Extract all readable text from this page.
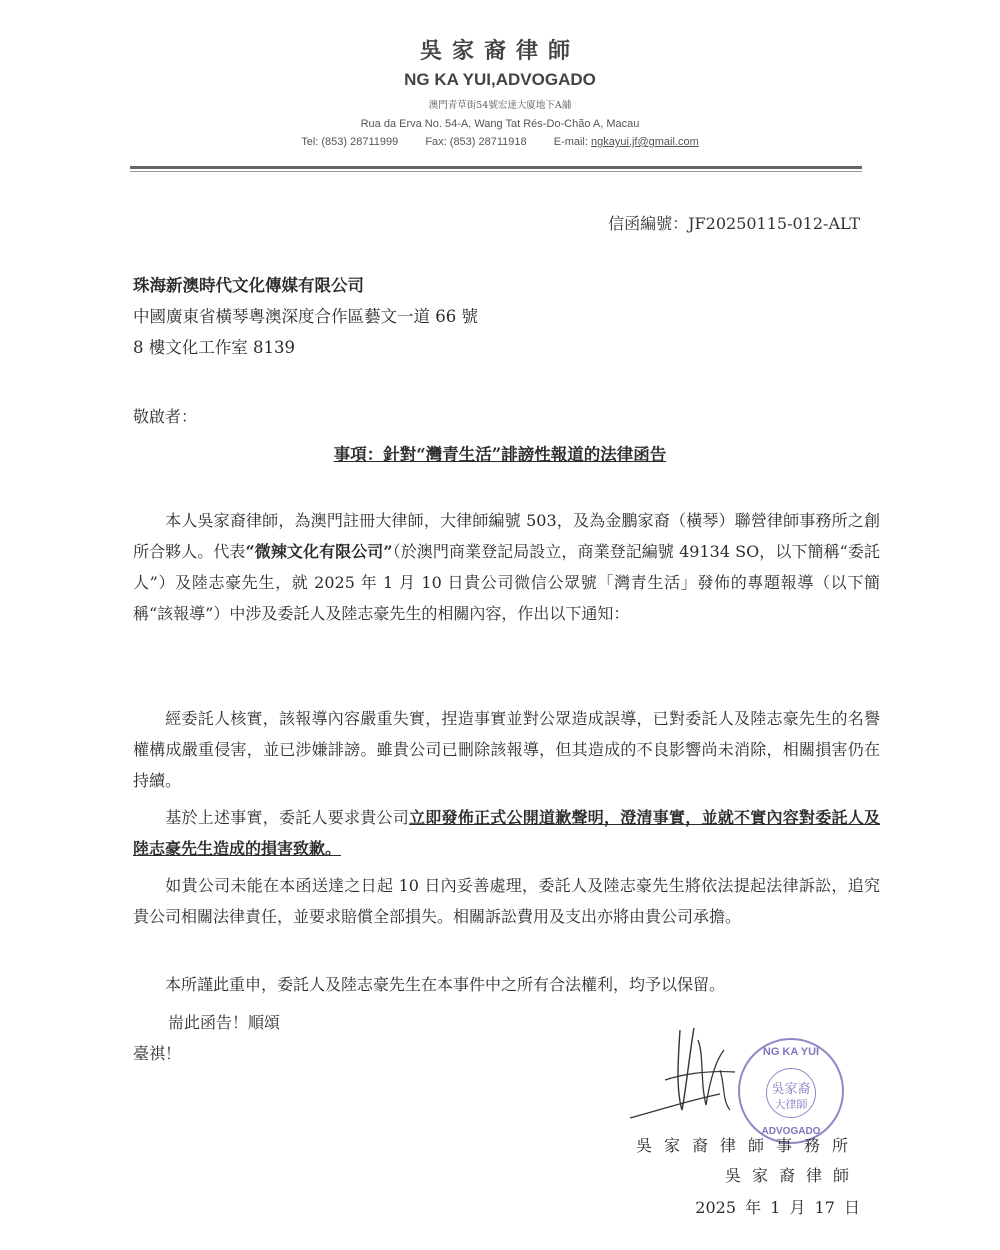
吳家裔律師
NG KA YUI,ADVOGADO
澳門青草街54號宏達大廈地下A舖
Rua da Erva No. 54-A, Wang Tat Rés-Do-Chão A, Macau
Tel: (853) 28711999 Fax: (853) 28711918 E-mail: ngkayui.jf@gmail.com
信函編號：JF20250115-012-ALT
珠海新澳時代文化傳媒有限公司
中國廣東省橫琴粵澳深度合作區藝文一道 66 號
8 樓文化工作室 8139
敬啟者：
事項：針對“灣青生活”誹謗性報道的法律函告
本人吳家裔律師，為澳門註冊大律師，大律師編號 503，及為金鵬家裔（橫琴）聯營律師事務所之創所合夥人。代表“微辣文化有限公司”（於澳門商業登記局設立，商業登記編號 49134 SO，以下簡稱“委託人”）及陸志豪先生，就 2025 年 1 月 10 日貴公司微信公眾號「灣青生活」發佈的專題報導（以下簡稱“該報導”）中涉及委託人及陸志豪先生的相關內容，作出以下通知：
經委託人核實，該報導內容嚴重失實，捏造事實並對公眾造成誤導，已對委託人及陸志豪先生的名譽權構成嚴重侵害，並已涉嫌誹謗。雖貴公司已刪除該報導，但其造成的不良影響尚未消除，相關損害仍在持續。
基於上述事實，委託人要求貴公司立即發佈正式公開道歉聲明，澄清事實，並就不實內容對委託人及陸志豪先生造成的損害致歉。
如貴公司未能在本函送達之日起 10 日內妥善處理，委託人及陸志豪先生將依法提起法律訴訟，追究貴公司相關法律責任，並要求賠償全部損失。相關訴訟費用及支出亦將由貴公司承擔。
本所謹此重申，委託人及陸志豪先生在本事件中之所有合法權利，均予以保留。
耑此函告！順頌
臺祺！	NG KA YUI
吳家裔
大律師
ADVOGADO
吳家裔律師事務所
吳家裔律師
2025 年 1 月 17 日
